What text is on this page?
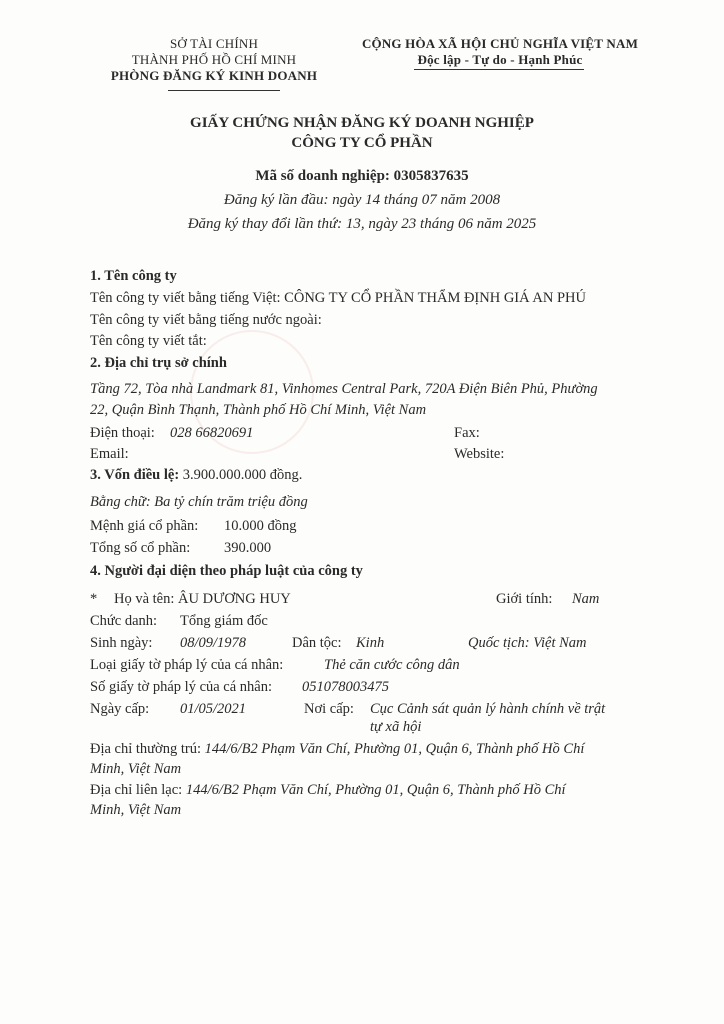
SỞ TÀI CHÍNH
THÀNH PHỐ HỒ CHÍ MINH
PHÒNG ĐĂNG KÝ KINH DOANH
CỘNG HÒA XÃ HỘI CHỦ NGHĨA VIỆT NAM
Độc lập - Tự do - Hạnh Phúc
GIẤY CHỨNG NHẬN ĐĂNG KÝ DOANH NGHIỆP
CÔNG TY CỔ PHẦN
Mã số doanh nghiệp: 0305837635
Đăng ký lần đầu: ngày 14 tháng 07 năm 2008
Đăng ký thay đổi lần thứ: 13, ngày 23 tháng 06 năm 2025
1. Tên công ty
Tên công ty viết bằng tiếng Việt: CÔNG TY CỔ PHẦN THẨM ĐỊNH GIÁ AN PHÚ
Tên công ty viết bằng tiếng nước ngoài:
Tên công ty viết tắt:
2. Địa chỉ trụ sở chính
Tầng 72, Tòa nhà Landmark 81, Vinhomes Central Park, 720A Điện Biên Phủ, Phường
22, Quận Bình Thạnh, Thành phố Hồ Chí Minh, Việt Nam
Điện thoại: 028 66820691	Fax:
Email:	Website:
3. Vốn điều lệ: 3.900.000.000 đồng.
Bằng chữ: Ba tỷ chín trăm triệu đồng
Mệnh giá cổ phần: 10.000 đồng
Tổng số cổ phần: 390.000
4. Người đại diện theo pháp luật của công ty
* Họ và tên: ÂU DƯƠNG HUY	Giới tính: Nam
Chức danh: Tổng giám đốc
Sinh ngày: 08/09/1978	Dân tộc: Kinh	Quốc tịch: Việt Nam
Loại giấy tờ pháp lý của cá nhân:	Thẻ căn cước công dân
Số giấy tờ pháp lý của cá nhân: 051078003475
Ngày cấp: 01/05/2021	Nơi cấp: Cục Cảnh sát quản lý hành chính về trật
tự xã hội
Địa chỉ thường trú: 144/6/B2 Phạm Văn Chí, Phường 01, Quận 6, Thành phố Hồ Chí
Minh, Việt Nam
Địa chỉ liên lạc: 144/6/B2 Phạm Văn Chí, Phường 01, Quận 6, Thành phố Hồ Chí
Minh, Việt Nam
